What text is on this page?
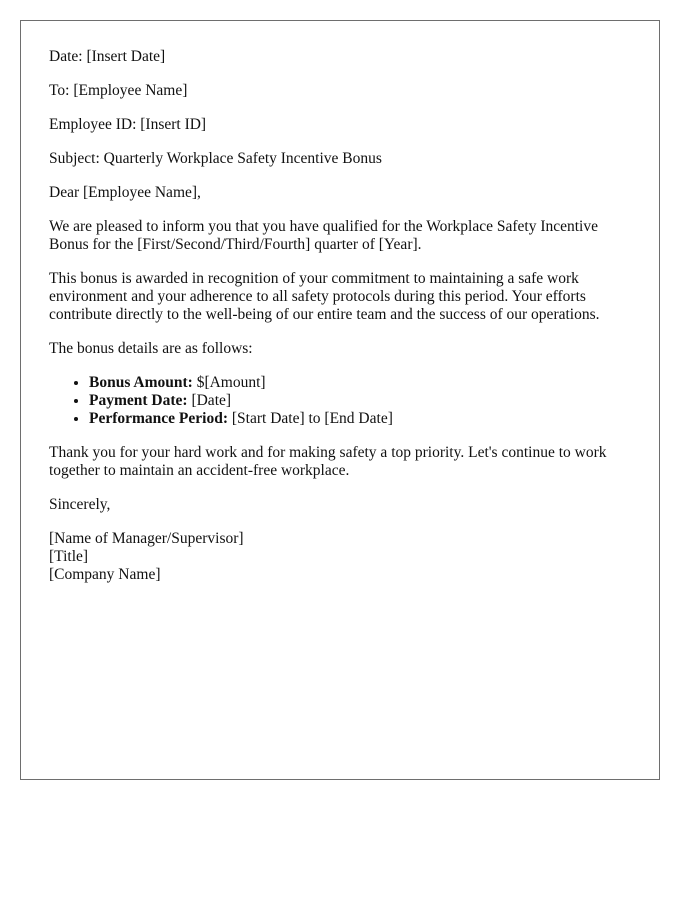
Date: [Insert Date]

To: [Employee Name]

Employee ID: [Insert ID]

Subject: Quarterly Workplace Safety Incentive Bonus

Dear [Employee Name],

We are pleased to inform you that you have qualified for the Workplace Safety Incentive Bonus for the [First/Second/Third/Fourth] quarter of [Year].

This bonus is awarded in recognition of your commitment to maintaining a safe work environment and your adherence to all safety protocols during this period. Your efforts contribute directly to the well-being of our entire team and the success of our operations.

The bonus details are as follows:

• Bonus Amount: $[Amount]
• Payment Date: [Date]
• Performance Period: [Start Date] to [End Date]

Thank you for your hard work and for making safety a top priority. Let's continue to work together to maintain an accident-free workplace.

Sincerely,

[Name of Manager/Supervisor]
[Title]
[Company Name]
